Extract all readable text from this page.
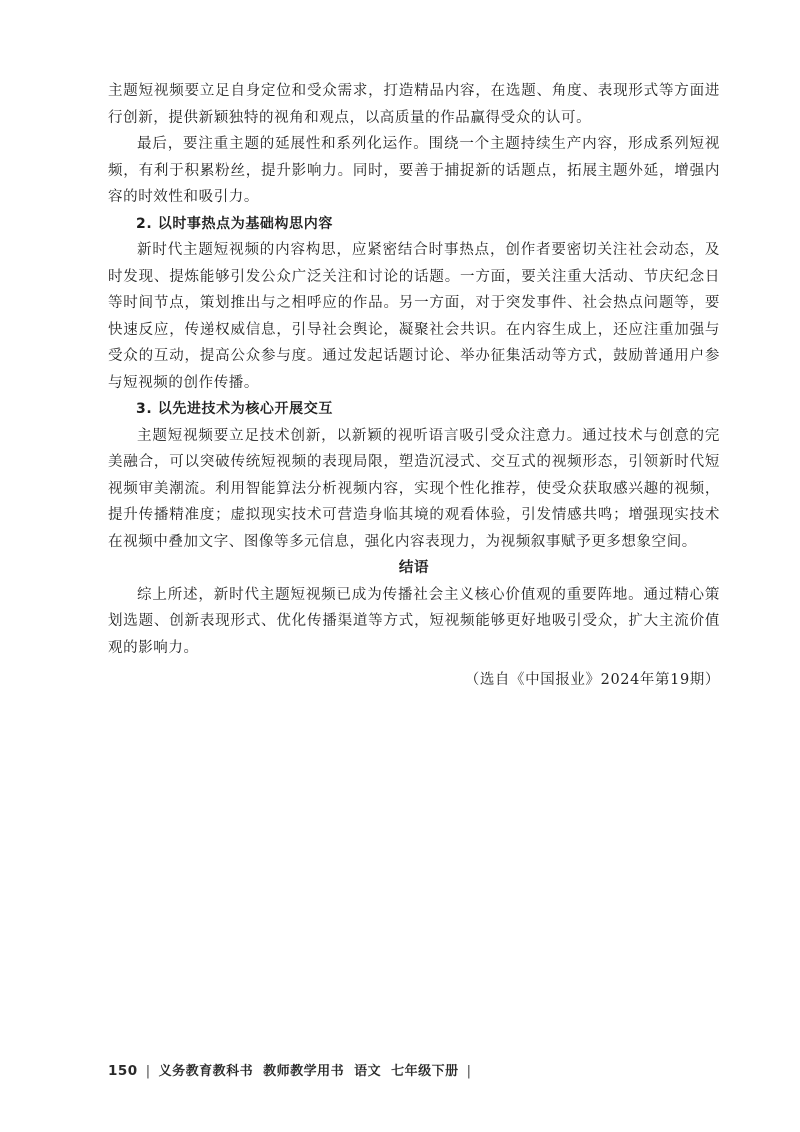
主题短视频要立足自身定位和受众需求，打造精品内容，在选题、角度、表现形式等方面进行创新，提供新颖独特的视角和观点，以高质量的作品赢得受众的认可。

最后，要注重主题的延展性和系列化运作。围绕一个主题持续生产内容，形成系列短视频，有利于积累粉丝，提升影响力。同时，要善于捕捉新的话题点，拓展主题外延，增强内容的时效性和吸引力。

2. 以时事热点为基础构思内容

新时代主题短视频的内容构思，应紧密结合时事热点，创作者要密切关注社会动态，及时发现、提炼能够引发公众广泛关注和讨论的话题。一方面，要关注重大活动、节庆纪念日等时间节点，策划推出与之相呼应的作品。另一方面，对于突发事件、社会热点问题等，要快速反应，传递权威信息，引导社会舆论，凝聚社会共识。在内容生成上，还应注重加强与受众的互动，提高公众参与度。通过发起话题讨论、举办征集活动等方式，鼓励普通用户参与短视频的创作传播。

3. 以先进技术为核心开展交互

主题短视频要立足技术创新，以新颖的视听语言吸引受众注意力。通过技术与创意的完美融合，可以突破传统短视频的表现局限，塑造沉浸式、交互式的视频形态，引领新时代短视频审美潮流。利用智能算法分析视频内容，实现个性化推荐，使受众获取感兴趣的视频，提升传播精准度；虚拟现实技术可营造身临其境的观看体验，引发情感共鸣；增强现实技术在视频中叠加文字、图像等多元信息，强化内容表现力，为视频叙事赋予更多想象空间。

结语

综上所述，新时代主题短视频已成为传播社会主义核心价值观的重要阵地。通过精心策划选题、创新表现形式、优化传播渠道等方式，短视频能够更好地吸引受众，扩大主流价值观的影响力。

（选自《中国报业》2024年第19期）

150 | 义务教育教科书 教师教学用书 语文 七年级下册 |
